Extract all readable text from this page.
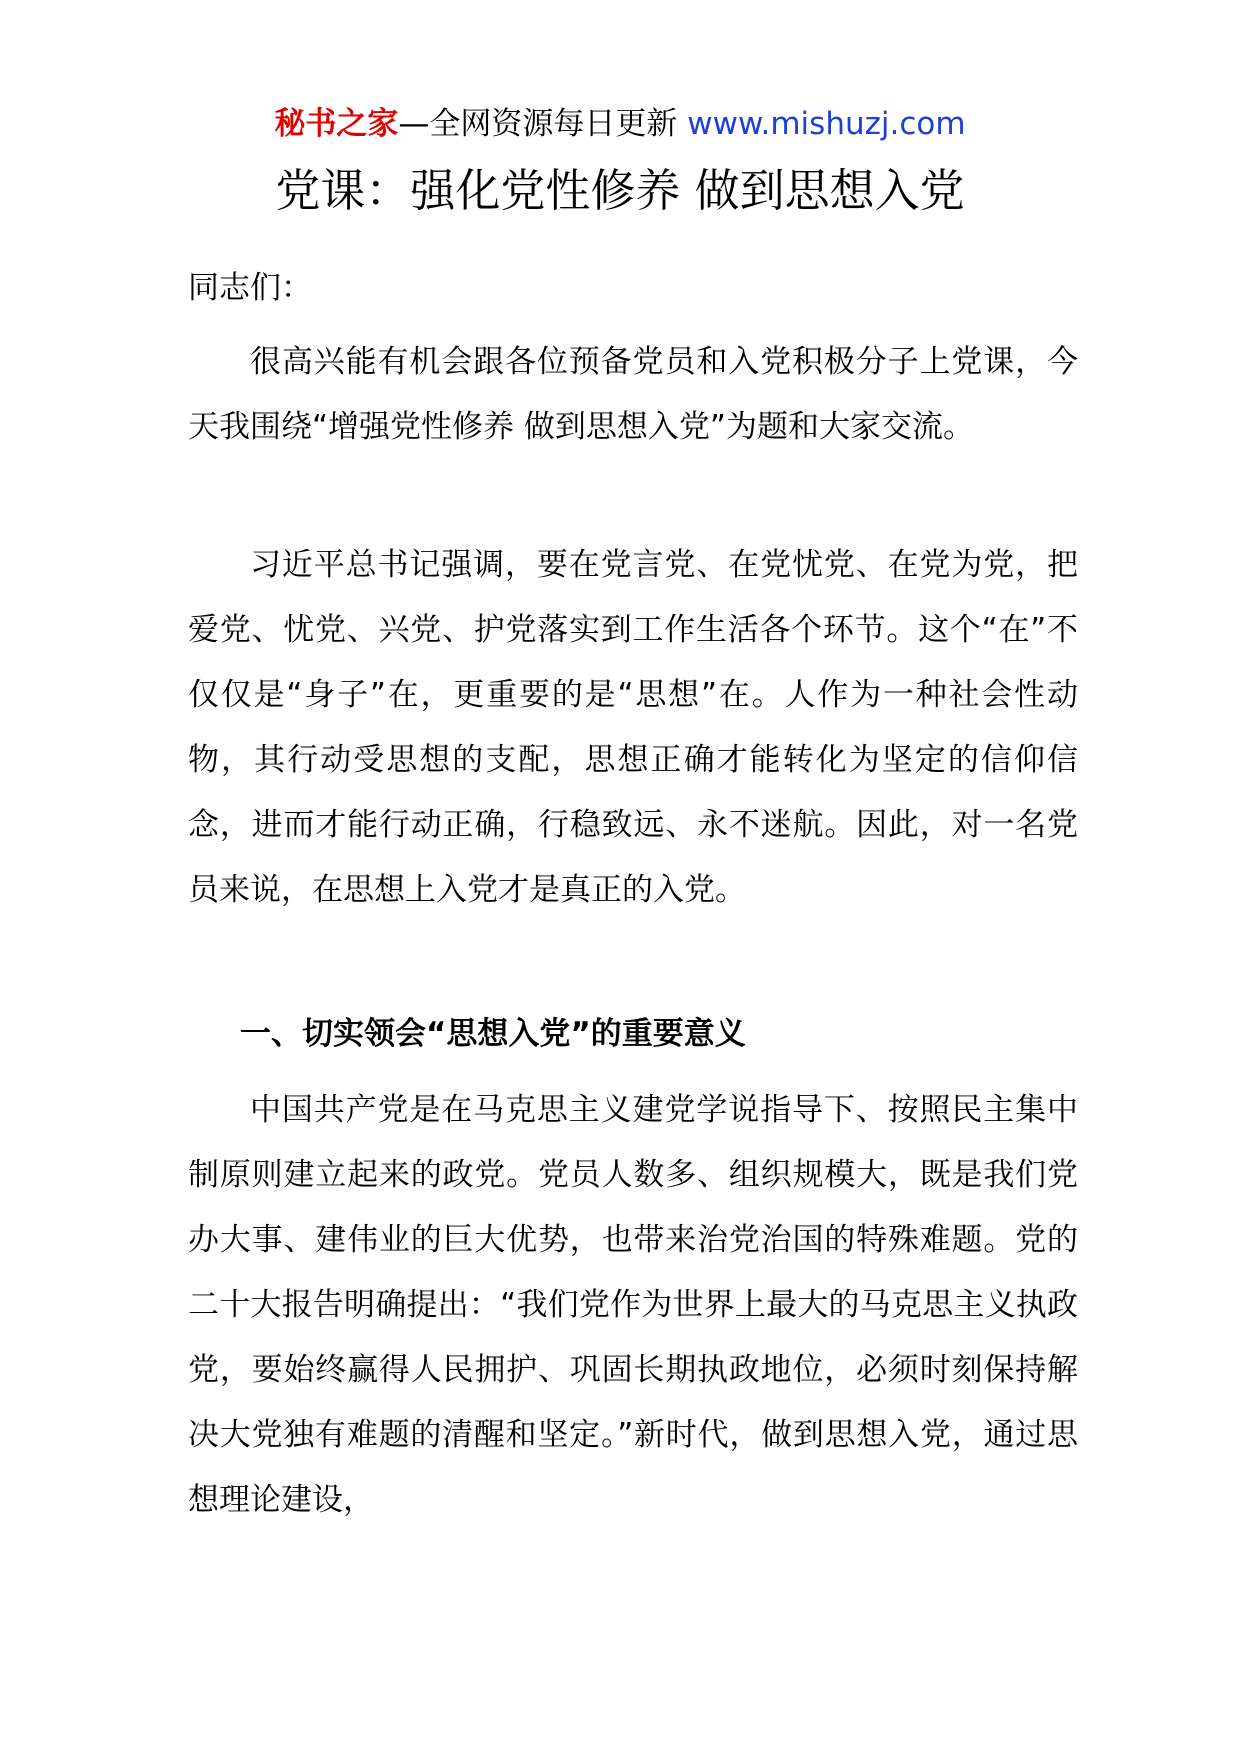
秘书之家—全网资源每日更新 www.mishuzj.com
党课：强化党性修养 做到思想入党
同志们：

很高兴能有机会跟各位预备党员和入党积极分子上党课，今天我围绕“增强党性修养 做到思想入党”为题和大家交流。

习近平总书记强调，要在党言党、在党忧党、在党为党，把爱党、忧党、兴党、护党落实到工作生活各个环节。这个“在”不仅仅是“身子”在，更重要的是“思想”在。人作为一种社会性动物，其行动受思想的支配，思想正确才能转化为坚定的信仰信念，进而才能行动正确，行稳致远、永不迷航。因此，对一名党员来说，在思想上入党才是真正的入党。

一、切实领会“思想入党”的重要意义

中国共产党是在马克思主义建党学说指导下、按照民主集中制原则建立起来的政党。党员人数多、组织规模大，既是我们党办大事、建伟业的巨大优势，也带来治党治国的特殊难题。党的二十大报告明确提出：“我们党作为世界上最大的马克思主义执政党，要始终赢得人民拥护、巩固长期执政地位，必须时刻保持解决大党独有难题的清醒和坚定。”新时代，做到思想入党，通过思想理论建设，
